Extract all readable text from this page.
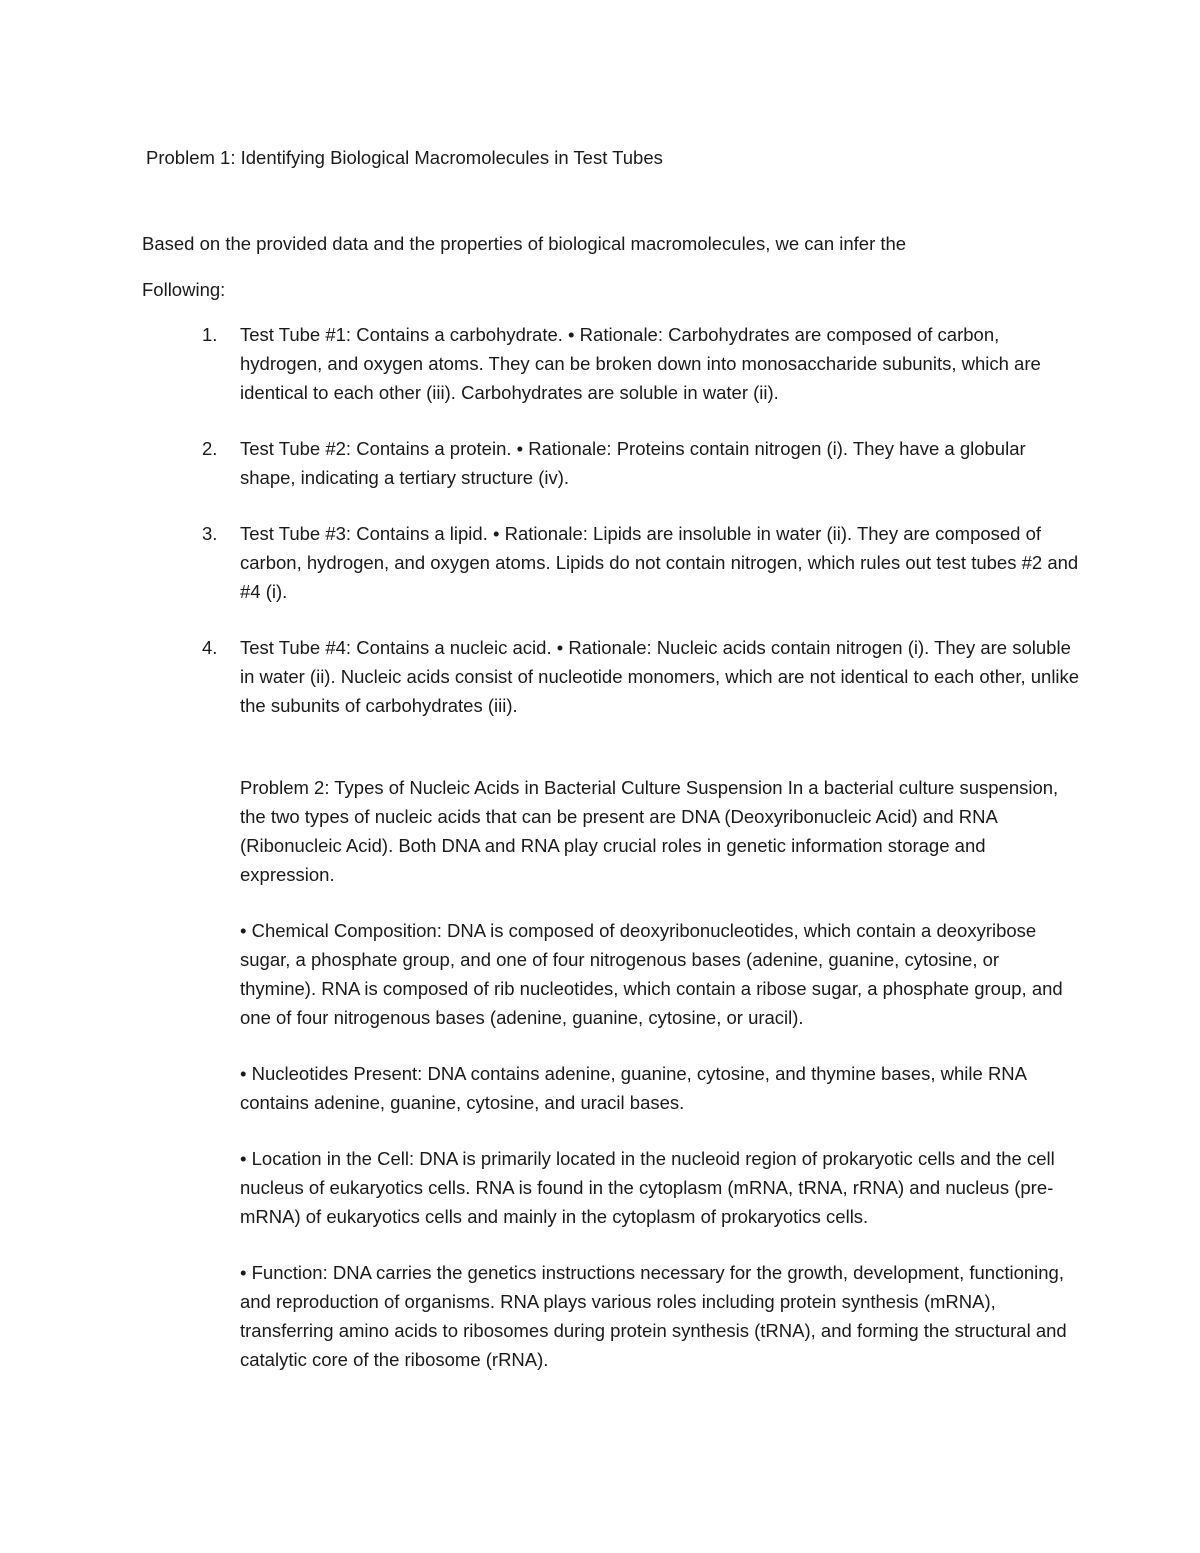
Problem 1: Identifying Biological Macromolecules in Test Tubes
Based on the provided data and the properties of biological macromolecules, we can infer the
Following:
1. Test Tube #1: Contains a carbohydrate. • Rationale: Carbohydrates are composed of carbon, hydrogen, and oxygen atoms. They can be broken down into monosaccharide subunits, which are identical to each other (iii). Carbohydrates are soluble in water (ii).
2. Test Tube #2: Contains a protein. • Rationale: Proteins contain nitrogen (i). They have a globular shape, indicating a tertiary structure (iv).
3. Test Tube #3: Contains a lipid. • Rationale: Lipids are insoluble in water (ii). They are composed of carbon, hydrogen, and oxygen atoms. Lipids do not contain nitrogen, which rules out test tubes #2 and #4 (i).
4. Test Tube #4: Contains a nucleic acid. • Rationale: Nucleic acids contain nitrogen (i). They are soluble in water (ii). Nucleic acids consist of nucleotide monomers, which are not identical to each other, unlike the subunits of carbohydrates (iii).

Problem 2: Types of Nucleic Acids in Bacterial Culture Suspension In a bacterial culture suspension, the two types of nucleic acids that can be present are DNA (Deoxyribonucleic Acid) and RNA (Ribonucleic Acid). Both DNA and RNA play crucial roles in genetic information storage and expression.

• Chemical Composition: DNA is composed of deoxyribonucleotides, which contain a deoxyribose sugar, a phosphate group, and one of four nitrogenous bases (adenine, guanine, cytosine, or thymine). RNA is composed of rib nucleotides, which contain a ribose sugar, a phosphate group, and one of four nitrogenous bases (adenine, guanine, cytosine, or uracil).

• Nucleotides Present: DNA contains adenine, guanine, cytosine, and thymine bases, while RNA contains adenine, guanine, cytosine, and uracil bases.

• Location in the Cell: DNA is primarily located in the nucleoid region of prokaryotic cells and the cell nucleus of eukaryotics cells. RNA is found in the cytoplasm (mRNA, tRNA, rRNA) and nucleus (pre-mRNA) of eukaryotics cells and mainly in the cytoplasm of prokaryotics cells.

• Function: DNA carries the genetics instructions necessary for the growth, development, functioning, and reproduction of organisms. RNA plays various roles including protein synthesis (mRNA), transferring amino acids to ribosomes during protein synthesis (tRNA), and forming the structural and catalytic core of the ribosome (rRNA).
